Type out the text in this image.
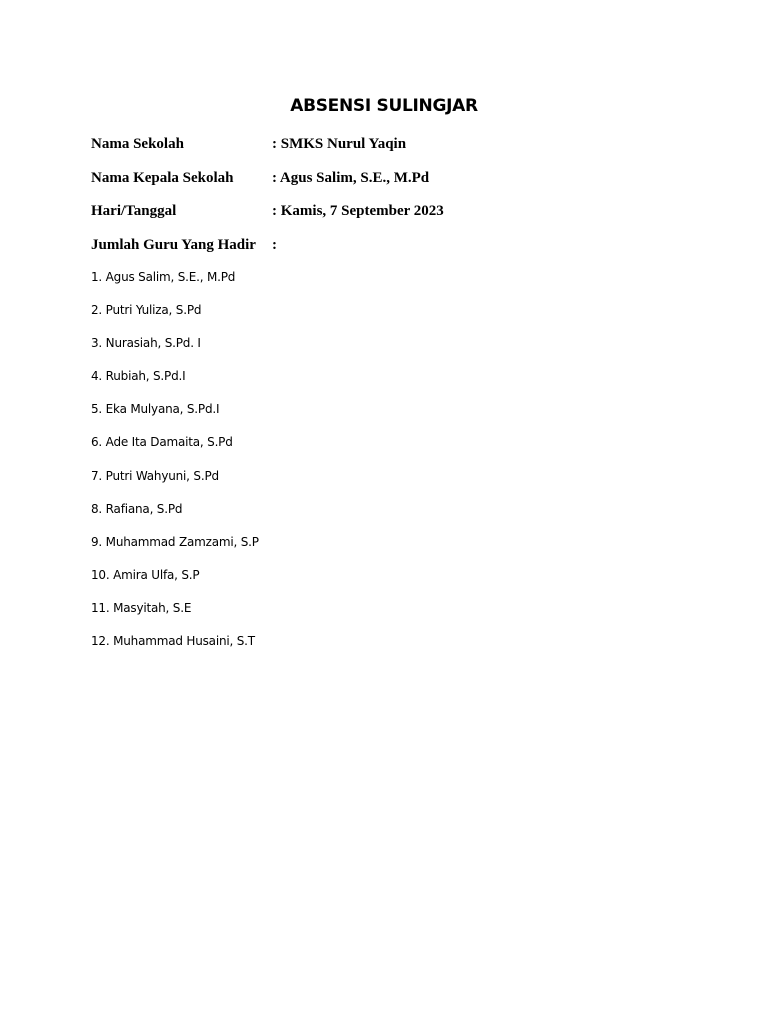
ABSENSI SULINGJAR
Nama Sekolah	: SMKS Nurul Yaqin
Nama Kepala Sekolah	: Agus Salim, S.E., M.Pd
Hari/Tanggal	: Kamis, 7 September 2023
Jumlah Guru Yang Hadir	:
1. Agus Salim, S.E., M.Pd
2. Putri Yuliza, S.Pd
3. Nurasiah, S.Pd. I
4. Rubiah, S.Pd.I
5. Eka Mulyana, S.Pd.I
6. Ade Ita Damaita, S.Pd
7. Putri Wahyuni, S.Pd
8. Rafiana, S.Pd
9. Muhammad Zamzami, S.P
10. Amira Ulfa, S.P
11. Masyitah, S.E
12. Muhammad Husaini, S.T
